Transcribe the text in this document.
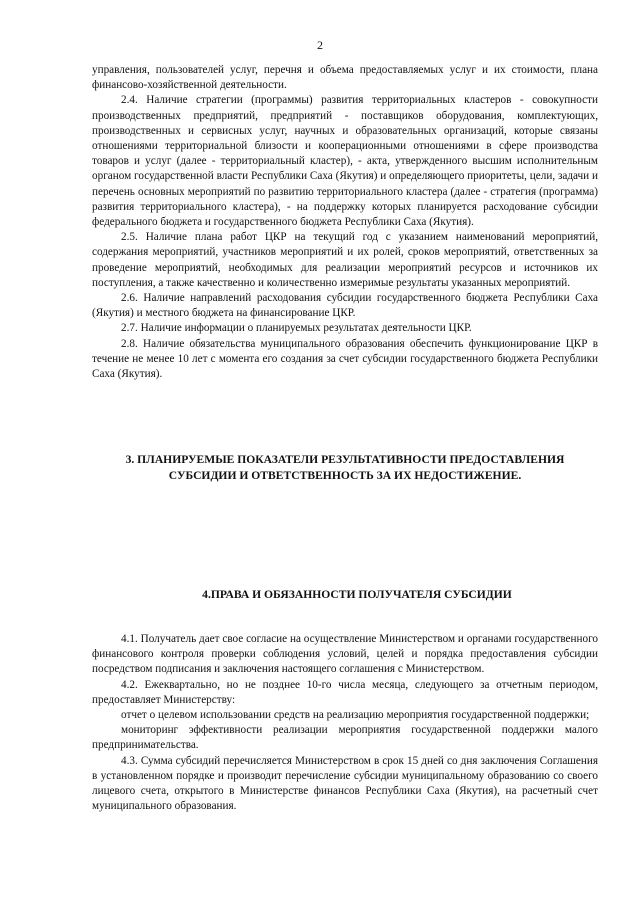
2

управления, пользователей услуг, перечня и объема предоставляемых услуг и их стоимости, плана финансово-хозяйственной деятельности.

2.4. Наличие стратегии (программы) развития территориальных кластеров - совокупности производственных предприятий, предприятий - поставщиков оборудования, комплектующих, производственных и сервисных услуг, научных и образовательных организаций, которые связаны отношениями территориальной близости и кооперационными отношениями в сфере производства товаров и услуг (далее - территориальный кластер), - акта, утвержденного высшим исполнительным органом государственной власти Республики Саха (Якутия) и определяющего приоритеты, цели, задачи и перечень основных мероприятий по развитию территориального кластера (далее - стратегия (программа) развития территориального кластера), - на поддержку которых планируется расходование субсидии федерального бюджета и государственного бюджета Республики Саха (Якутия).

2.5. Наличие плана работ ЦКР на текущий год с указанием наименований мероприятий, содержания мероприятий, участников мероприятий и их ролей, сроков мероприятий, ответственных за проведение мероприятий, необходимых для реализации мероприятий ресурсов и источников их поступления, а также качественно и количественно измеримые результаты указанных мероприятий.

2.6. Наличие направлений расходования субсидии государственного бюджета Республики Саха (Якутия) и местного бюджета на финансирование ЦКР.

2.7. Наличие информации о планируемых результатах деятельности ЦКР.

2.8. Наличие обязательства муниципального образования обеспечить функционирование ЦКР в течение не менее 10 лет с момента его создания за счет субсидии государственного бюджета Республики Саха (Якутия).

3. ПЛАНИРУЕМЫЕ ПОКАЗАТЕЛИ РЕЗУЛЬТАТИВНОСТИ ПРЕДОСТАВЛЕНИЯ СУБСИДИИ И ОТВЕТСТВЕННОСТЬ ЗА ИХ НЕДОСТИЖЕНИЕ.

4.ПРАВА И ОБЯЗАННОСТИ ПОЛУЧАТЕЛЯ СУБСИДИИ

4.1. Получатель дает свое согласие на осуществление Министерством и органами государственного финансового контроля проверки соблюдения условий, целей и порядка предоставления субсидии посредством подписания и заключения настоящего соглашения с Министерством.

4.2. Ежеквартально, но не позднее 10-го числа месяца, следующего за отчетным периодом, предоставляет Министерству:

отчет о целевом использовании средств на реализацию мероприятия государственной поддержки;

мониторинг эффективности реализации мероприятия государственной поддержки малого предпринимательства.

4.3. Сумма субсидий перечисляется Министерством в срок 15 дней со дня заключения Соглашения в установленном порядке и производит перечисление субсидии муниципальному образованию со своего лицевого счета, открытого в Министерстве финансов Республики Саха (Якутия), на расчетный счет муниципального образования.
